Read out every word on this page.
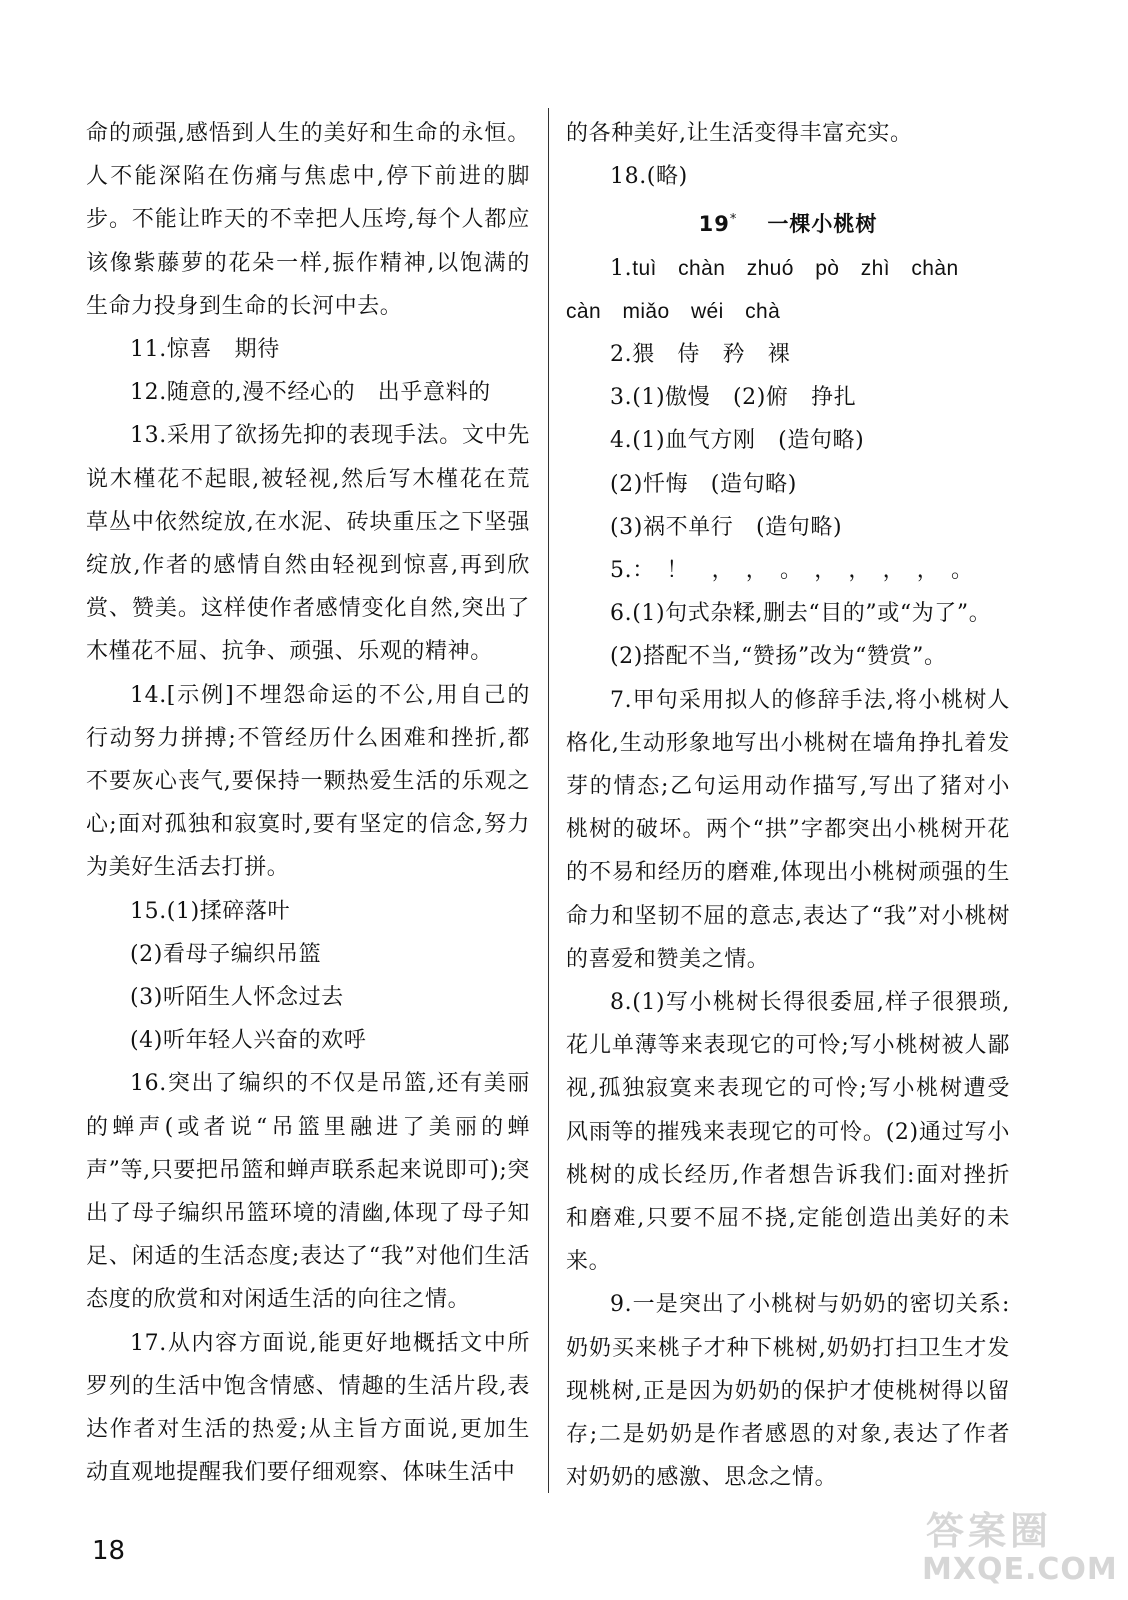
命的顽强,感悟到人生的美好和生命的永恒。人不能深陷在伤痛与焦虑中,停下前进的脚步。不能让昨天的不幸把人压垮,每个人都应该像紫藤萝的花朵一样,振作精神,以饱满的生命力投身到生命的长河中去。

11.惊喜　期待

12.随意的,漫不经心的　出乎意料的

13.采用了欲扬先抑的表现手法。文中先说木槿花不起眼,被轻视,然后写木槿花在荒草丛中依然绽放,在水泥、砖块重压之下坚强绽放,作者的感情自然由轻视到惊喜,再到欣赏、赞美。这样使作者感情变化自然,突出了木槿花不屈、抗争、顽强、乐观的精神。

14.[示例]不埋怨命运的不公,用自己的行动努力拼搏;不管经历什么困难和挫折,都不要灰心丧气,要保持一颗热爱生活的乐观之心;面对孤独和寂寞时,要有坚定的信念,努力为美好生活去打拼。

15.(1)揉碎落叶

(2)看母子编织吊篮

(3)听陌生人怀念过去

(4)听年轻人兴奋的欢呼

16.突出了编织的不仅是吊篮,还有美丽的蝉声(或者说“吊篮里融进了美丽的蝉声”等,只要把吊篮和蝉声联系起来说即可);突出了母子编织吊篮环境的清幽,体现了母子知足、闲适的生活态度;表达了“我”对他们生活态度的欣赏和对闲适生活的向往之情。

17.从内容方面说,能更好地概括文中所罗列的生活中饱含情感、情趣的生活片段,表达作者对生活的热爱;从主旨方面说,更加生动直观地提醒我们要仔细观察、体味生活中

的各种美好,让生活变得丰富充实。

18.(略)

19* 一棵小桃树

1.tuì　chàn　zhuó　pò　zhì　chàn

càn　miǎo　wéi　chà

2.猥　侍　矜　裸

3.(1)傲慢　(2)俯　挣扎

4.(1)血气方刚　(造句略)

(2)忏悔　(造句略)

(3)祸不单行　(造句略)

5.：　！　，　，　。　，　，　，　，　。

6.(1)句式杂糅,删去“目的”或“为了”。

(2)搭配不当,“赞扬”改为“赞赏”。

7.甲句采用拟人的修辞手法,将小桃树人格化,生动形象地写出小桃树在墙角挣扎着发芽的情态;乙句运用动作描写,写出了猪对小桃树的破坏。两个“拱”字都突出小桃树开花的不易和经历的磨难,体现出小桃树顽强的生命力和坚韧不屈的意志,表达了“我”对小桃树的喜爱和赞美之情。

8.(1)写小桃树长得很委屈,样子很猥琐,花儿单薄等来表现它的可怜;写小桃树被人鄙视,孤独寂寞来表现它的可怜;写小桃树遭受风雨等的摧残来表现它的可怜。(2)通过写小桃树的成长经历,作者想告诉我们:面对挫折和磨难,只要不屈不挠,定能创造出美好的未来。

9.一是突出了小桃树与奶奶的密切关系:奶奶买来桃子才种下桃树,奶奶打扫卫生才发现桃树,正是因为奶奶的保护才使桃树得以留存;二是奶奶是作者感恩的对象,表达了作者对奶奶的感激、思念之情。

18	答案圈
MXQE.COM
